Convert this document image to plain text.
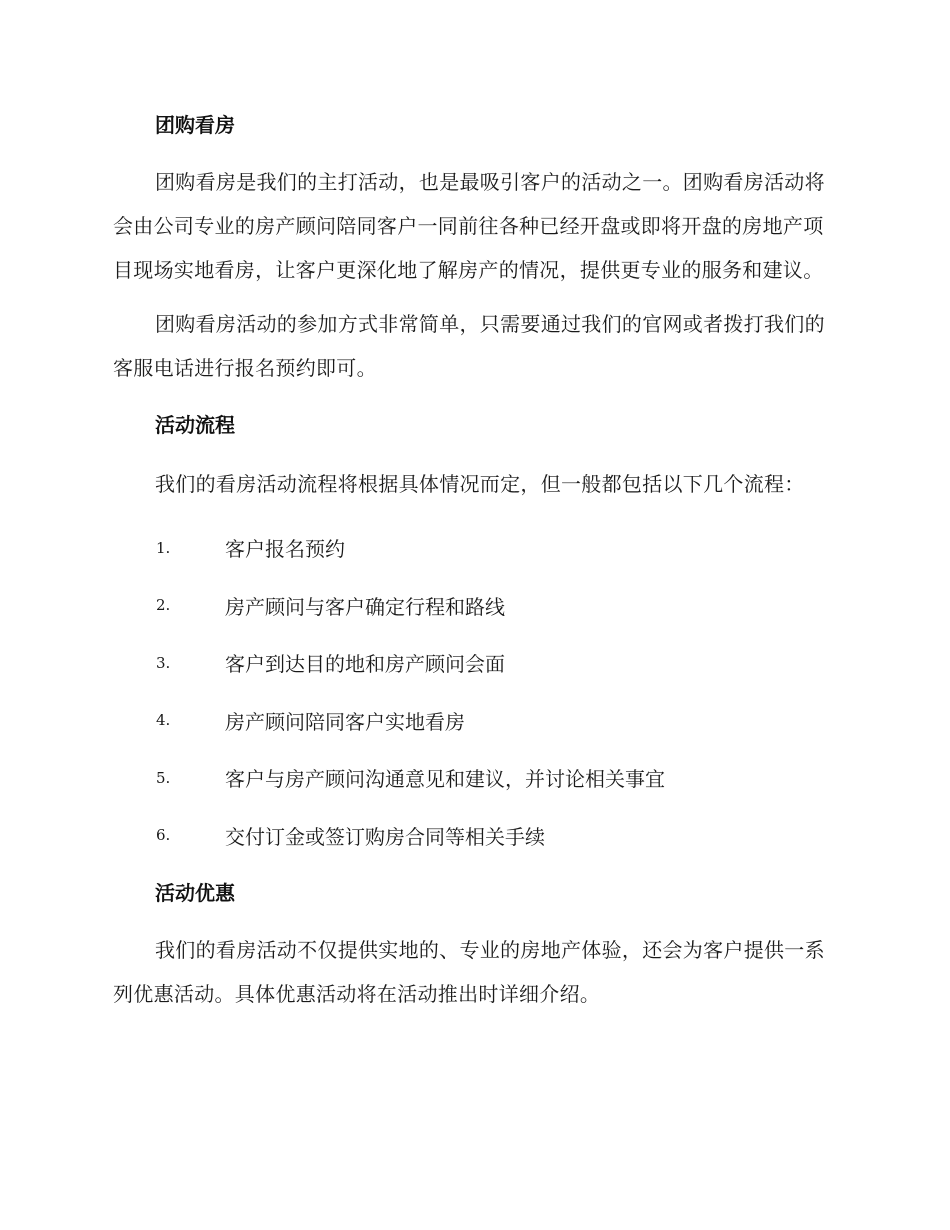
团购看房

团购看房是我们的主打活动，也是最吸引客户的活动之一。团购看房活动将会由公司专业的房产顾问陪同客户一同前往各种已经开盘或即将开盘的房地产项目现场实地看房，让客户更深化地了解房产的情况，提供更专业的服务和建议。

团购看房活动的参加方式非常简单，只需要通过我们的官网或者拨打我们的客服电话进行报名预约即可。

活动流程

我们的看房活动流程将根据具体情况而定，但一般都包括以下几个流程：

1.	客户报名预约
2.	房产顾问与客户确定行程和路线
3.	客户到达目的地和房产顾问会面
4.	房产顾问陪同客户实地看房
5.	客户与房产顾问沟通意见和建议，并讨论相关事宜
6.	交付订金或签订购房合同等相关手续
活动优惠

我们的看房活动不仅提供实地的、专业的房地产体验，还会为客户提供一系列优惠活动。具体优惠活动将在活动推出时详细介绍。
